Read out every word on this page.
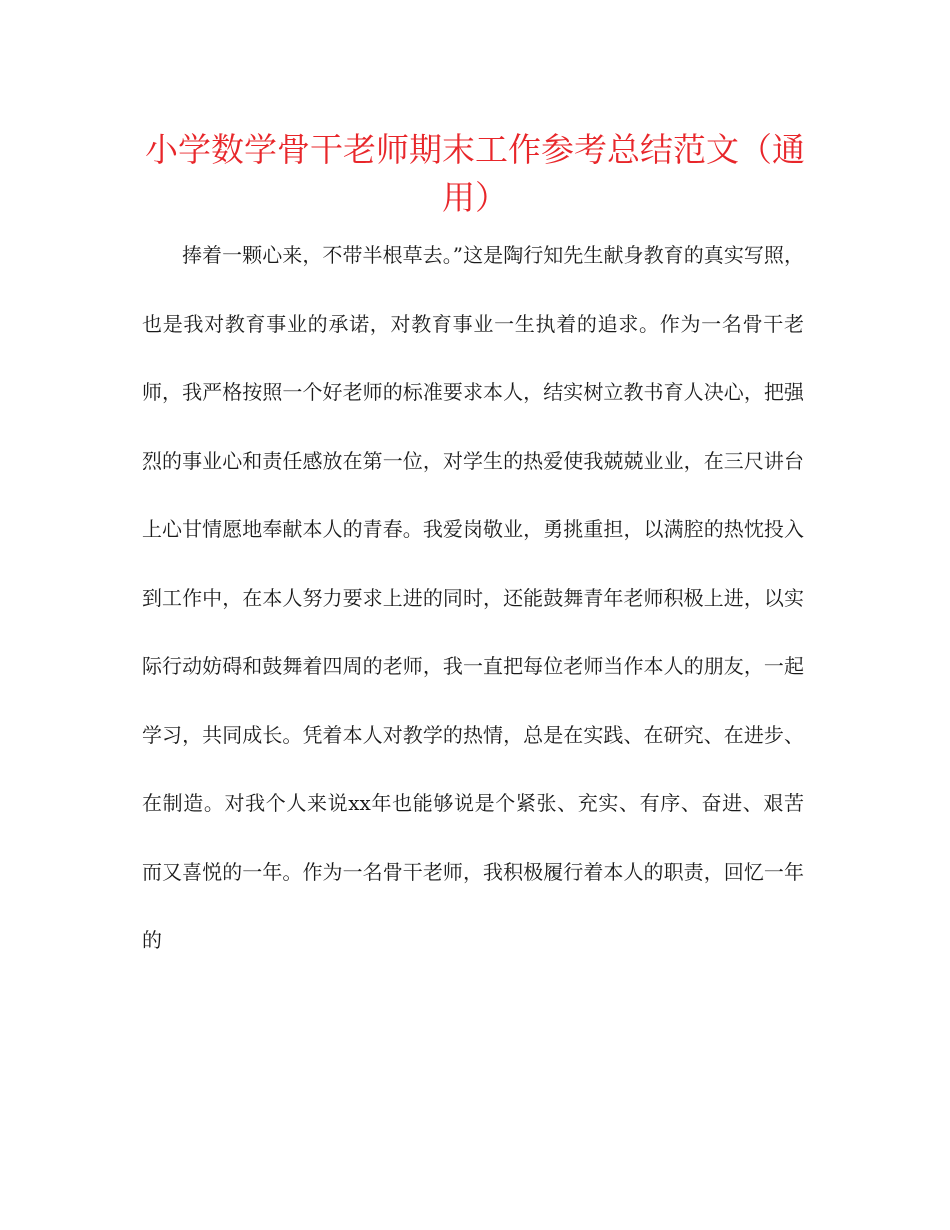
小学数学骨干老师期末工作参考总结范文（通用）

捧着一颗心来，不带半根草去。”这是陶行知先生献身教育的真实写照，也是我对教育事业的承诺，对教育事业一生执着的追求。作为一名骨干老师，我严格按照一个好老师的标准要求本人，结实树立教书育人决心，把强烈的事业心和责任感放在第一位，对学生的热爱使我兢兢业业，在三尺讲台上心甘情愿地奉献本人的青春。我爱岗敬业，勇挑重担，以满腔的热忱投入到工作中，在本人努力要求上进的同时，还能鼓舞青年老师积极上进，以实际行动妨碍和鼓舞着四周的老师，我一直把每位老师当作本人的朋友，一起学习，共同成长。凭着本人对教学的热情，总是在实践、在研究、在进步、在制造。对我个人来说xx年也能够说是个紧张、充实、有序、奋进、艰苦而又喜悦的一年。作为一名骨干老师，我积极履行着本人的职责，回忆一年的
